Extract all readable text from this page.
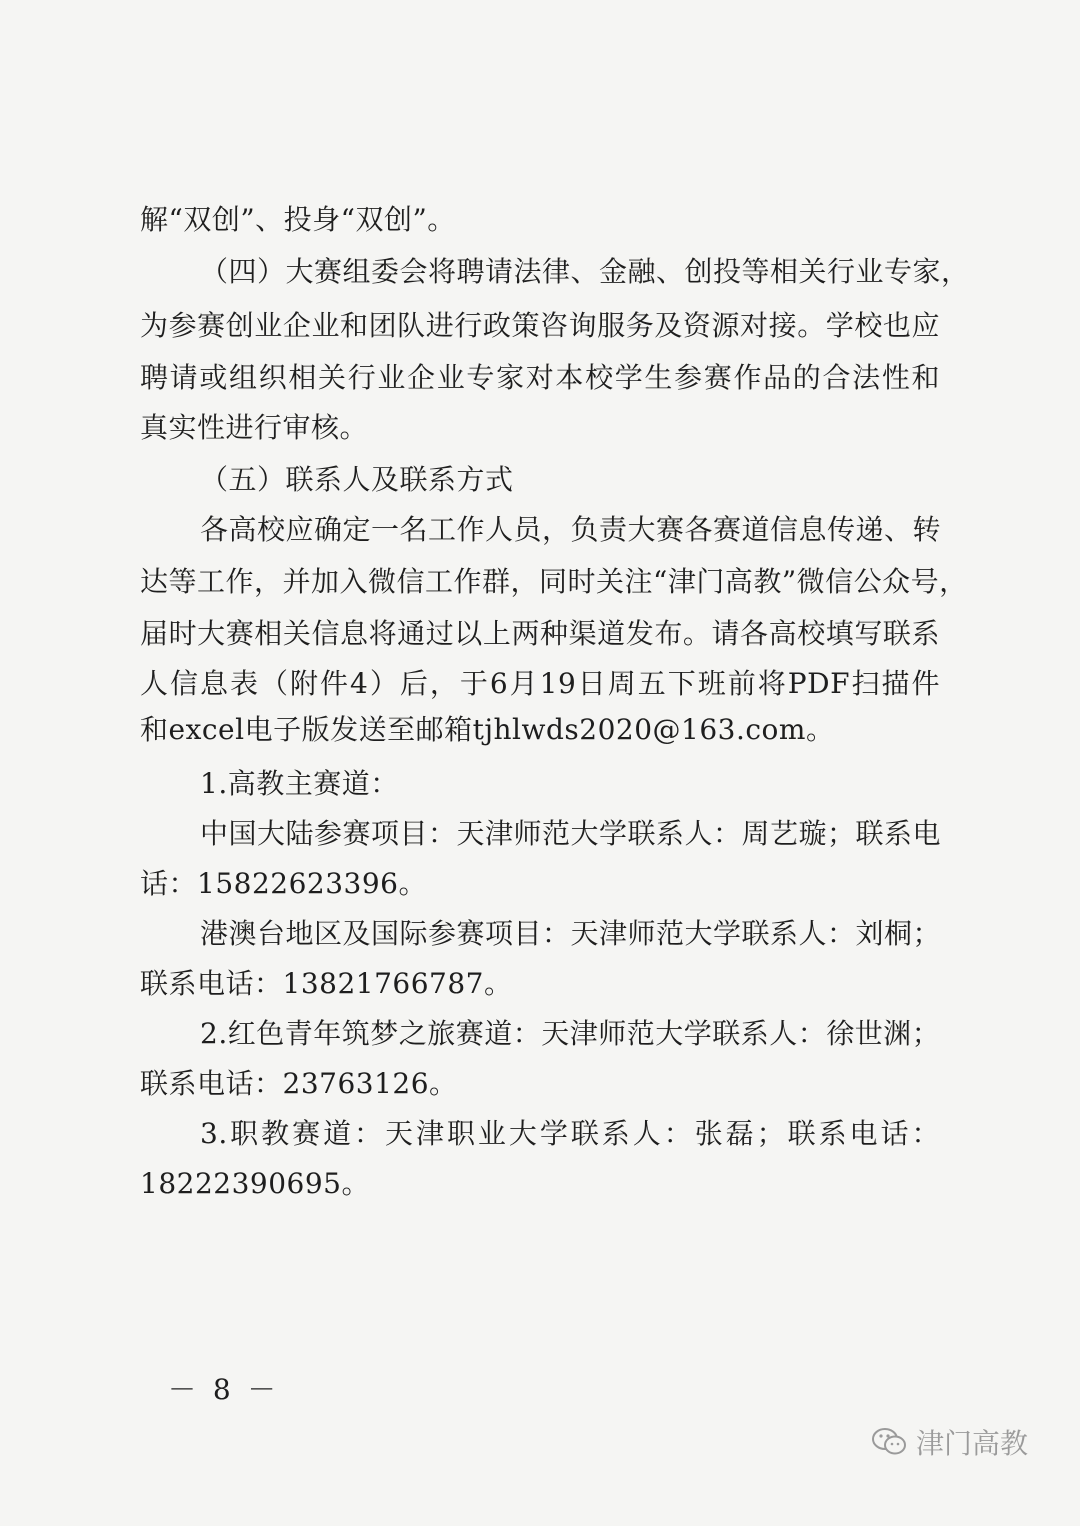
解“双创”、投身“双创”。
（四）大赛组委会将聘请法律、金融、创投等相关行业专家，
为参赛创业企业和团队进行政策咨询服务及资源对接。学校也应
聘请或组织相关行业企业专家对本校学生参赛作品的合法性和
真实性进行审核。
（五）联系人及联系方式
各高校应确定一名工作人员，负责大赛各赛道信息传递、转
达等工作，并加入微信工作群，同时关注“津门高教”微信公众号，
届时大赛相关信息将通过以上两种渠道发布。请各高校填写联系
人信息表（附件4）后，于6月19日周五下班前将PDF扫描件
和excel电子版发送至邮箱tjhlwds2020@163.com。
1.高教主赛道：
中国大陆参赛项目：天津师范大学联系人：周艺璇；联系电
话：15822623396。
港澳台地区及国际参赛项目：天津师范大学联系人：刘桐；
联系电话：13821766787。
2.红色青年筑梦之旅赛道：天津师范大学联系人：徐世渊；
联系电话：23763126。
3.职教赛道：天津职业大学联系人：张磊；联系电话：
18222390695。
－ 8 －
津门高教
